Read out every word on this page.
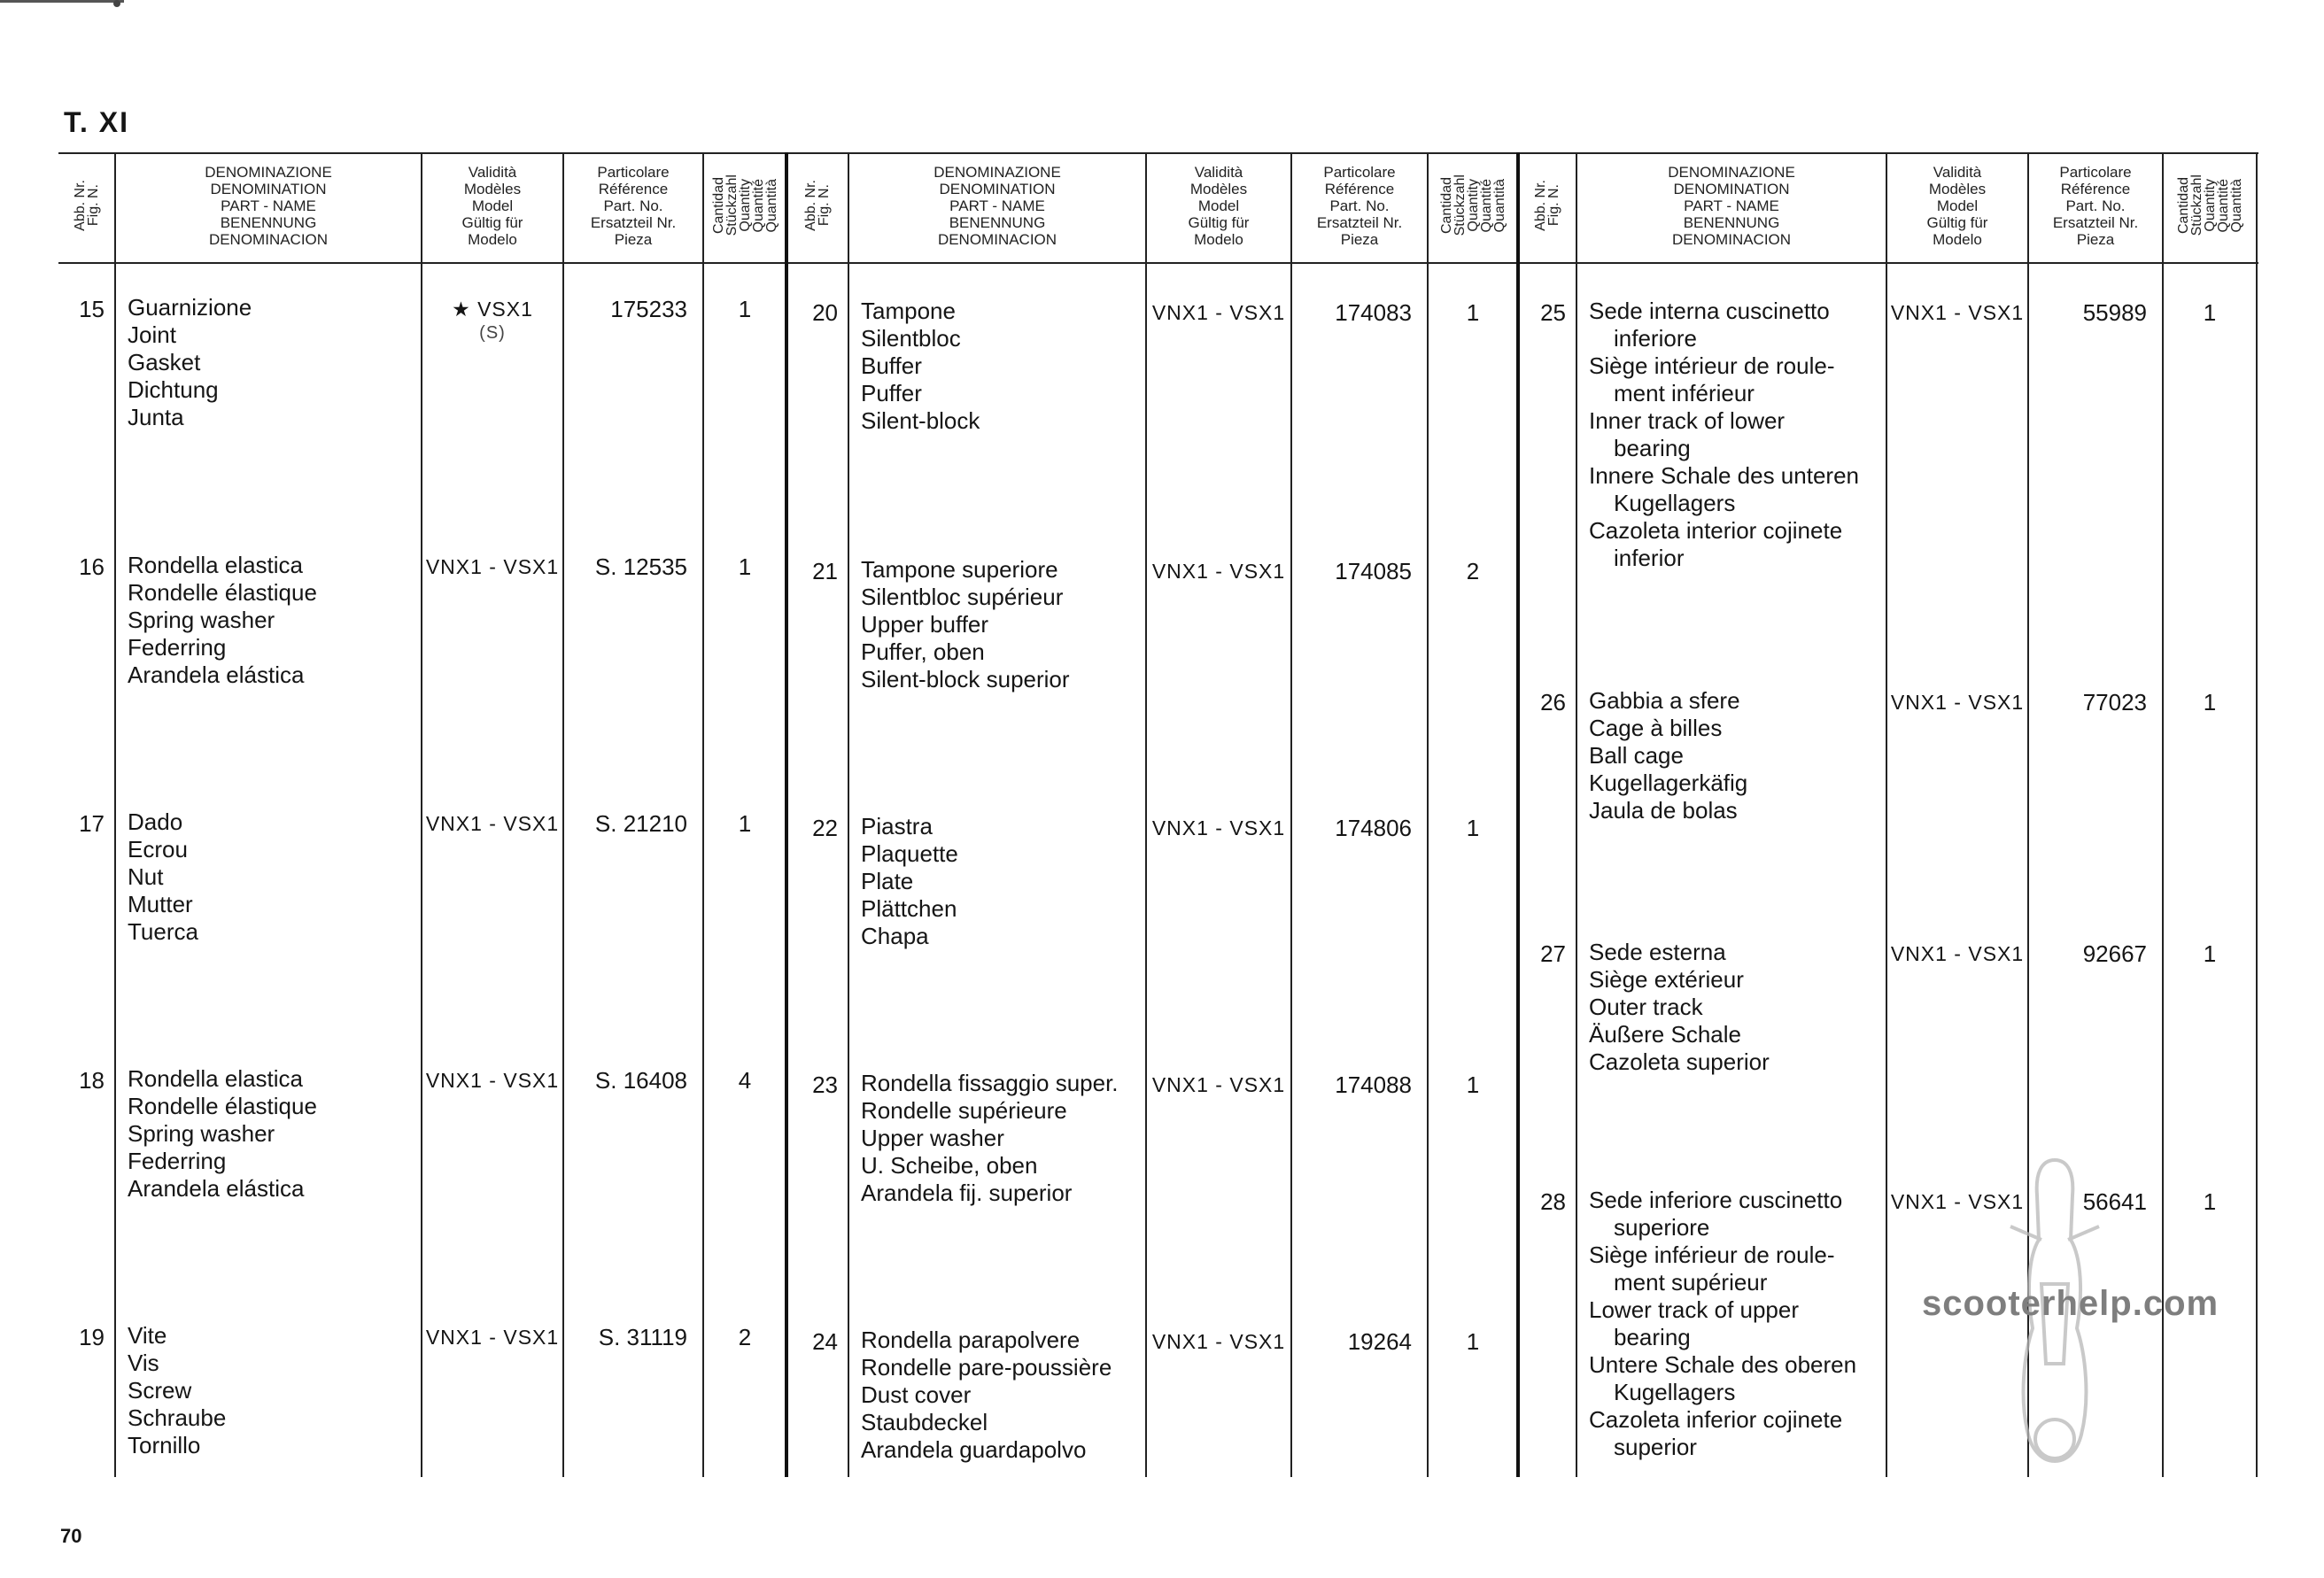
T. XI
Fig. N.
Abb. Nr.
DENOMINAZIONE
DENOMINATION
PART - NAME
BENENNUNG
DENOMINACION
Validità
Modèles
Model
Gültig für
Modelo
Particolare
Référence
Part. No.
Ersatzteil Nr.
Pieza
Quantità
Quantité
Quantity
Stückzahl
Cantidad
15 Guarnizione
Joint
Gasket
Dichtung
Junta
★ VSX1
(S)
175233	1
16 Rondella elastica
Rondelle élastique
Spring washer
Federring
Arandela elástica
VNX1 - VSX1	S. 12535	1
17 Dado
Ecrou
Nut
Mutter
Tuerca
VNX1 - VSX1	S. 21210	1
18 Rondella elastica
Rondelle élastique
Spring washer
Federring
Arandela elástica
VNX1 - VSX1	S. 16408	4
19 Vite
Vis
Screw
Schraube
Tornillo
VNX1 - VSX1	S. 31119	2
Fig. N.
Abb. Nr.
DENOMINAZIONE
DENOMINATION
PART - NAME
BENENNUNG
DENOMINACION
Validità
Modèles
Model
Gültig für
Modelo
Particolare
Référence
Part. No.
Ersatzteil Nr.
Pieza
Quantità
Quantité
Quantity
Stückzahl
Cantidad
20 Tampone
Silentbloc
Buffer
Puffer
Silent-block
VNX1 - VSX1	174083	1
21 Tampone superiore
Silentbloc supérieur
Upper buffer
Puffer, oben
Silent-block superior
VNX1 - VSX1	174085	2
22 Piastra
Plaquette
Plate
Plättchen
Chapa
VNX1 - VSX1	174806	1
23 Rondella fissaggio super.
Rondelle supérieure
Upper washer
U. Scheibe, oben
Arandela fij. superior
VNX1 - VSX1	174088	1
24 Rondella parapolvere
Rondelle pare-poussière
Dust cover
Staubdeckel
Arandela guardapolvo
VNX1 - VSX1	19264	1
Fig. N.
Abb. Nr.
DENOMINAZIONE
DENOMINATION
PART - NAME
BENENNUNG
DENOMINACION
Validità
Modèles
Model
Gültig für
Modelo
Particolare
Référence
Part. No.
Ersatzteil Nr.
Pieza
Quantità
Quantité
Quantity
Stückzahl
Cantidad
25 Sede interna cuscinetto
inferiore
Siège intérieur de roule-
ment inférieur
Inner track of lower
bearing
Innere Schale des unteren
Kugellagers
Cazoleta interior cojinete
inferior
VNX1 - VSX1	55989	1
26 Gabbia a sfere
Cage à billes
Ball cage
Kugellagerkäfig
Jaula de bolas
VNX1 - VSX1	77023	1
27 Sede esterna
Siège extérieur
Outer track
Äußere Schale
Cazoleta superior
VNX1 - VSX1	92667	1
28 Sede inferiore cuscinetto
superiore
Siège inférieur de roule-
ment supérieur
Lower track of upper
bearing
Untere Schale des oberen
Kugellagers
Cazoleta inferior cojinete
superior
VNX1 - VSX1	56641	1
scooterhelp.com
70
